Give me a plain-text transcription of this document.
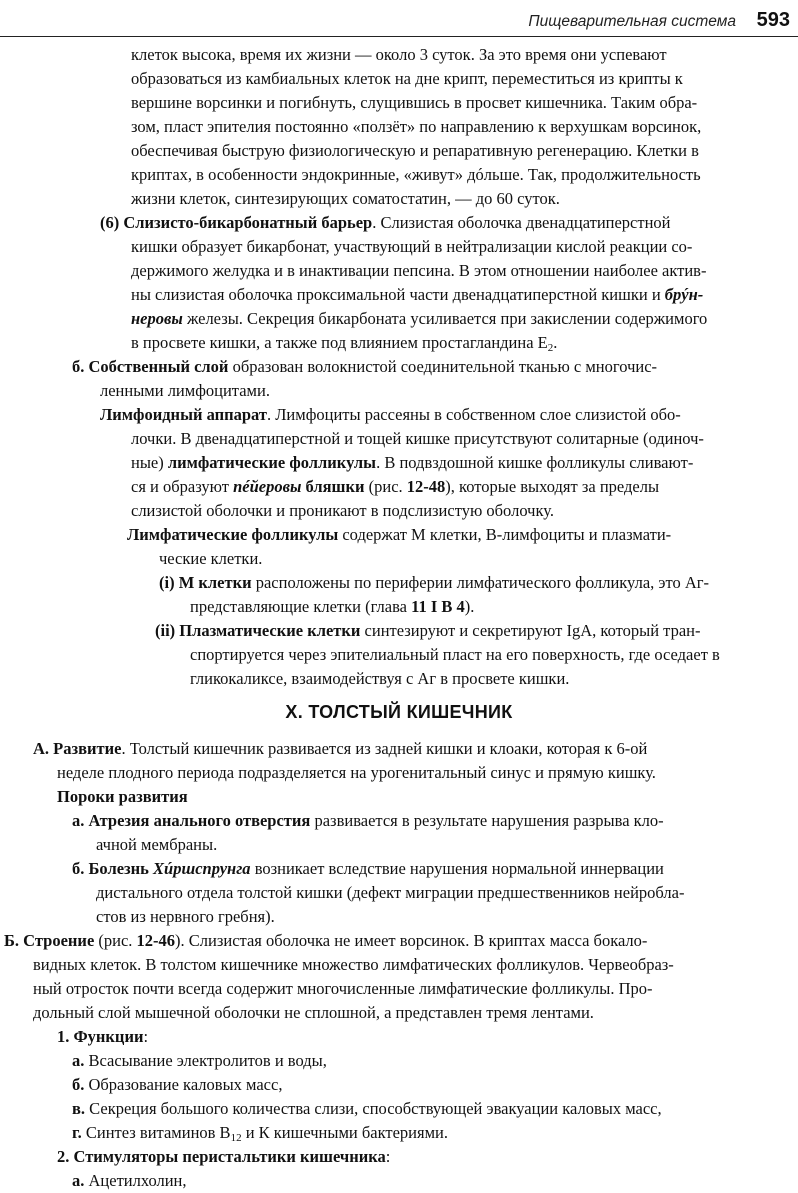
Пищеварительная система 593
клеток высока, время их жизни — около 3 суток. За это время они успевают
образоваться из камбиальных клеток на дне крипт, переместиться из крипты к
вершине ворсинки и погибнуть, слущившись в просвет кишечника. Таким обра-
зом, пласт эпителия постоянно «ползёт» по направлению к верхушкам ворсинок,
обеспечивая быструю физиологическую и репаративную регенерацию. Клетки в
криптах, в особенности эндокринные, «живут» дóльше. Так, продолжительность
жизни клеток, синтезирующих соматостатин, — до 60 суток.
(6) Слизисто-бикарбонатный барьер. Слизистая оболочка двенадцатиперстной
кишки образует бикарбонат, участвующий в нейтрализации кислой реакции со-
держимого желудка и в инактивации пепсина. В этом отношении наиболее актив-
ны слизистая оболочка проксимальной части двенадцатиперстной кишки и брýн-
неровы железы. Секреция бикарбоната усиливается при закислении содержимого
в просвете кишки, а также под влиянием простагландина $E_2$.
б. Собственный слой образован волокнистой соединительной тканью с многочис-
ленными лимфоцитами.
Лимфоидный аппарат. Лимфоциты рассеяны в собственном слое слизистой обо-
лочки. В двенадцатиперстной и тощей кишке присутствуют солитарные (одиноч-
ные) лимфатические фолликулы. В подвздошной кишке фолликулы сливают-
ся и образуют пéйеровы бляшки (рис. 12-48), которые выходят за пределы
слизистой оболочки и проникают в подслизистую оболочку.
Лимфатические фолликулы содержат М клетки, В-лимфоциты и плазмати-
ческие клетки.
(i) М клетки расположены по периферии лимфатического фолликула, это Аг-
представляющие клетки (глава 11 I В 4).
(ii) Плазматические клетки синтезируют и секретируют IgA, который тран-
спортируется через эпителиальный пласт на его поверхность, где оседает в
гликокаликсе, взаимодействуя с Аг в просвете кишки.
А. Развитие. Толстый кишечник развивается из задней кишки и клоаки, которая к 6-ой
неделе плодного периода подразделяется на урогенитальный синус и прямую кишку.
Пороки развития
а. Атрезия анального отверстия развивается в результате нарушения разрыва кло-
ачной мембраны.
б. Болезнь Хúршспрунга возникает вследствие нарушения нормальной иннервации
дистального отдела толстой кишки (дефект миграции предшественников нейробла-
стов из нервного гребня).
Б. Строение (рис. 12-46). Слизистая оболочка не имеет ворсинок. В криптах масса бокало-
видных клеток. В толстом кишечнике множество лимфатических фолликулов. Червеобраз-
ный отросток почти всегда содержит многочисленные лимфатические фолликулы. Про-
дольный слой мышечной оболочки не сплошной, а представлен тремя лентами.
1. Функции:
а. Всасывание электролитов и воды,
б. Образование каловых масс,
в. Секреция большого количества слизи, способствующей эвакуации каловых масс,
г. Синтез витаминов $B_{12}$ и К кишечными бактериями.
2. Стимуляторы перистальтики кишечника:
а. Ацетилхолин,
X. ТОЛСТЫЙ КИШЕЧНИК
